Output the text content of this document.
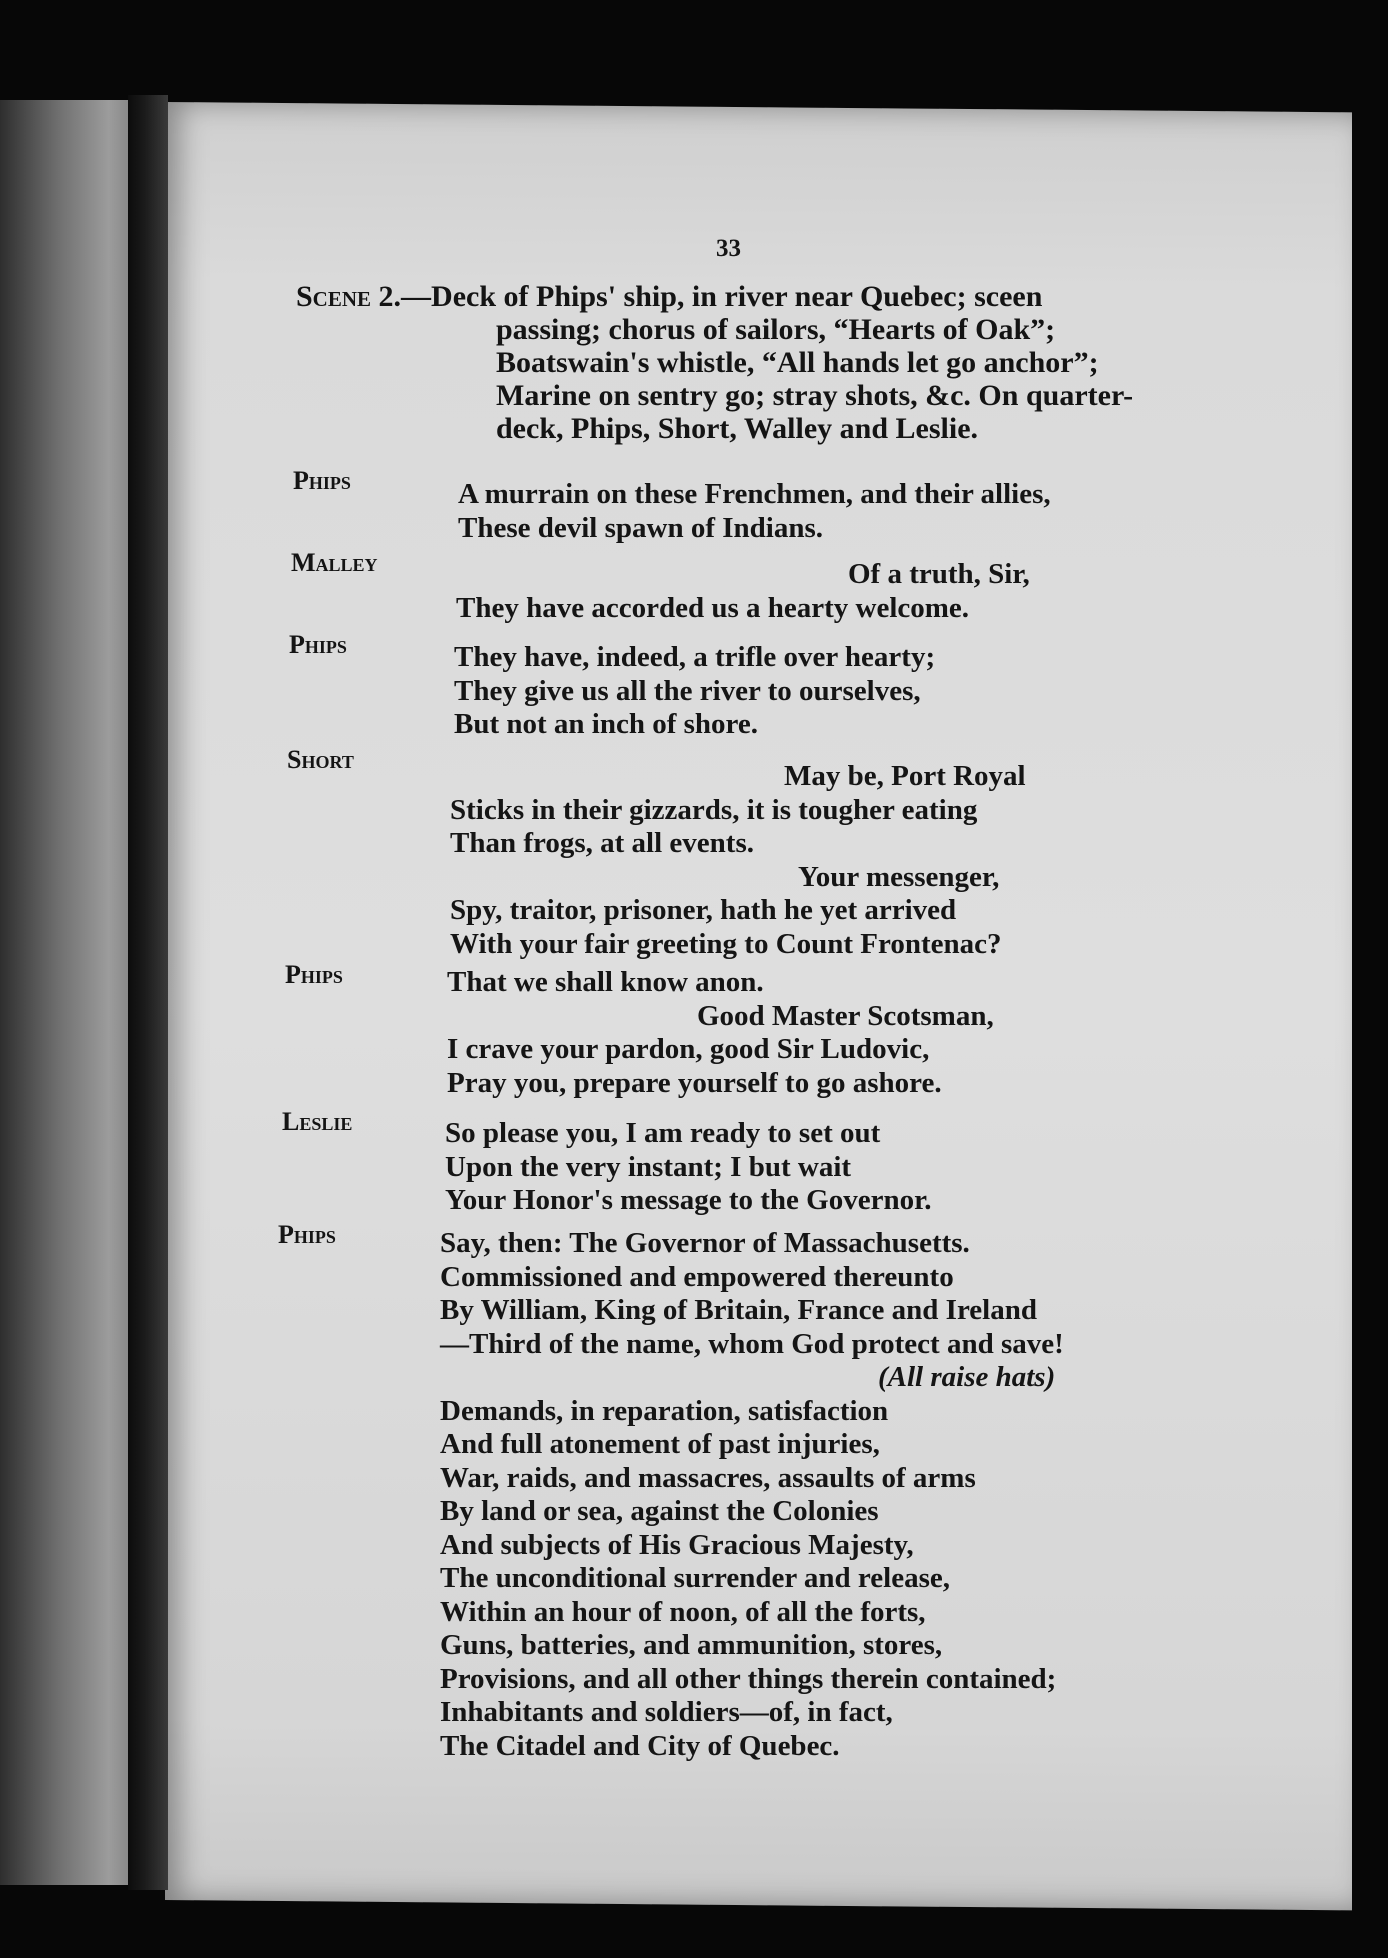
33
Scene 2.—Deck of Phips' ship, in river near Quebec; sceen
passing; chorus of sailors, “Hearts of Oak”;
Boatswain's whistle, “All hands let go anchor”;
Marine on sentry go; stray shots, &c. On quarter-
deck, Phips, Short, Walley and Leslie.
Phips	A murrain on these Frenchmen, and their allies,
These devil spawn of Indians.
Malley	Of a truth, Sir,
They have accorded us a hearty welcome.
Phips	They have, indeed, a trifle over hearty;
They give us all the river to ourselves,
But not an inch of shore.
Short
May be, Port Royal
Sticks in their gizzards, it is tougher eating
Than frogs, at all events.
Your messenger,
Spy, traitor, prisoner, hath he yet arrived
With your fair greeting to Count Frontenac?
Phips	That we shall know anon.
Good Master Scotsman,
I crave your pardon, good Sir Ludovic,
Pray you, prepare yourself to go ashore.
Leslie	So please you, I am ready to set out
Upon the very instant; I but wait
Your Honor's message to the Governor.
Phips	Say, then: The Governor of Massachusetts.
Commissioned and empowered thereunto
By William, King of Britain, France and Ireland
—Third of the name, whom God protect and save!
(All raise hats)
Demands, in reparation, satisfaction
And full atonement of past injuries,
War, raids, and massacres, assaults of arms
By land or sea, against the Colonies
And subjects of His Gracious Majesty,
The unconditional surrender and release,
Within an hour of noon, of all the forts,
Guns, batteries, and ammunition, stores,
Provisions, and all other things therein contained;
Inhabitants and soldiers—of, in fact,
The Citadel and City of Quebec.
